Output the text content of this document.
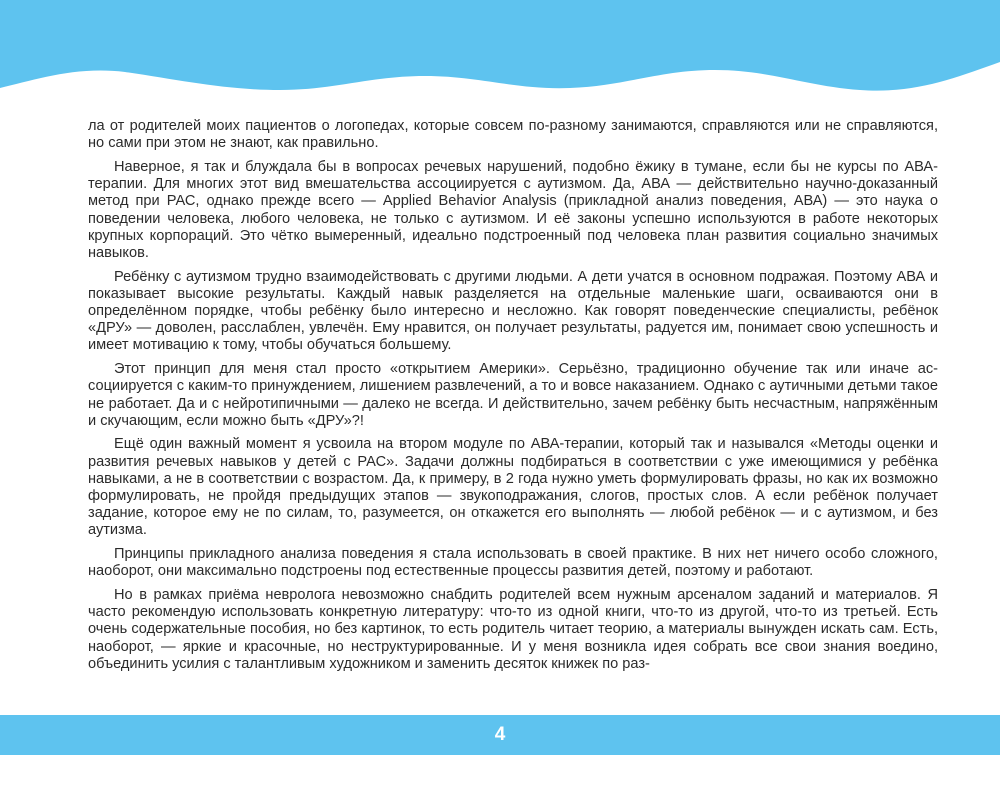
ла от родителей моих пациентов о логопедах, которые совсем по-разному занимаются, справляются или не справляются, но сами при этом не знают, как правильно.

Наверное, я так и блуждала бы в вопросах речевых нарушений, подобно ёжику в тумане, если бы не курсы по АВА-терапии. Для многих этот вид вмешательства ассоциируется с аутизмом. Да, АВА — действительно научно-доказанный метод при РАС, однако прежде всего — Applied Behavior Analysis (прикладной анализ поведения, АВА) — это наука о поведении человека, любого человека, не только с аутизмом. И её законы успешно используются в работе некоторых крупных корпораций. Это чётко вымеренный, идеально подстроенный под человека план развития социально значимых навыков.

Ребёнку с аутизмом трудно взаимодействовать с другими людьми. А дети учатся в основном подражая. Поэтому АВА и показывает высокие результаты. Каждый навык разделяется на отдельные маленькие шаги, осваиваются они в определённом порядке, чтобы ребёнку было интересно и несложно. Как говорят поведенческие специалисты, ребёнок «ДРУ» — доволен, расслаблен, увлечён. Ему нравится, он получает результаты, радуется им, понимает свою успешность и имеет мотивацию к тому, чтобы обучаться большему.

Этот принцип для меня стал просто «открытием Америки». Серьёзно, традиционно обучение так или иначе ассоциируется с каким-то принуждением, лишением развлечений, а то и вовсе наказанием. Однако с аутичными детьми такое не работает. Да и с нейротипичными — далеко не всегда. И действительно, зачем ребёнку быть несчастным, напряжённым и скучающим, если можно быть «ДРУ»?!

Ещё один важный момент я усвоила на втором модуле по АВА-терапии, который так и назывался «Методы оценки и развития речевых навыков у детей с РАС». Задачи должны подбираться в соответствии с уже имеющимися у ребёнка навыками, а не в соответствии с возрастом. Да, к примеру, в 2 года нужно уметь формулировать фразы, но как их возможно формулировать, не пройдя предыдущих этапов — звукоподражания, слогов, простых слов. А если ребёнок получает задание, которое ему не по силам, то, разумеется, он откажется его выполнять — любой ребёнок — и с аутизмом, и без аутизма.

Принципы прикладного анализа поведения я стала использовать в своей практике. В них нет ничего особо сложного, наоборот, они максимально подстроены под естественные процессы развития детей, поэтому и работают.

Но в рамках приёма невролога невозможно снабдить родителей всем нужным арсеналом заданий и материалов. Я часто рекомендую использовать конкретную литературу: что-то из одной книги, что-то из другой, что-то из третьей. Есть очень содержательные пособия, но без картинок, то есть родитель читает теорию, а материалы вынужден искать сам. Есть, наоборот, — яркие и красочные, но неструктурированные. И у меня возникла идея собрать все свои знания воедино, объединить усилия с талантливым художником и заменить десяток книжек по раз-

4
